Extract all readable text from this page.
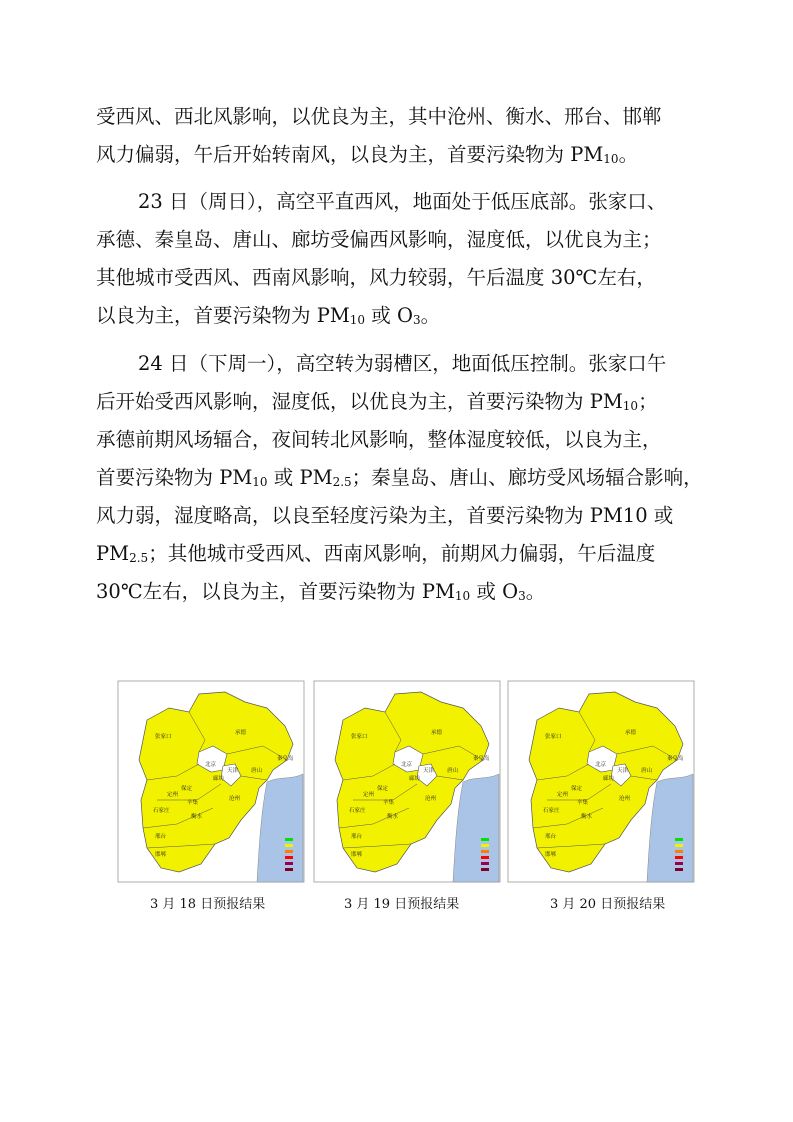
受西风、西北风影响，以优良为主，其中沧州、衡水、邢台、邯郸
风力偏弱，午后开始转南风，以良为主，首要污染物为 $PM_{10}$。
23 日（周日），高空平直西风，地面处于低压底部。张家口、
承德、秦皇岛、唐山、廊坊受偏西风影响，湿度低，以优良为主；
其他城市受西风、西南风影响，风力较弱，午后温度 30℃左右，
以良为主，首要污染物为 $PM_{10}$ 或 $O_3$。
24 日（下周一），高空转为弱槽区，地面低压控制。张家口午
后开始受西风影响，湿度低，以优良为主，首要污染物为 $PM_{10}$；
承德前期风场辐合，夜间转北风影响，整体湿度较低，以良为主，
首要污染物为 $PM_{10}$ 或 $PM_{2.5}$；秦皇岛、唐山、廊坊受风场辐合影响，
风力弱，湿度略高，以良至轻度污染为主，首要污染物为 PM10 或
$PM_{2.5}$；其他城市受西风、西南风影响，前期风力偏弱，午后温度
30℃左右，以良为主，首要污染物为 $PM_{10}$ 或 $O_3$。
张家口
承德
北京
天津
廊坊
唐山
秦皇岛
保定
定州
辛集
沧州
石家庄
衡水
邢台
邯郸
张家口
承德
北京
天津
廊坊
唐山
秦皇岛
保定
定州
辛集
沧州
石家庄
衡水
邢台
邯郸
张家口
承德
北京
天津
廊坊
唐山
秦皇岛
保定
定州
辛集
沧州
石家庄
衡水
邢台
邯郸
3 月 18 日预报结果	3 月 19 日预报结果	3 月 20 日预报结果
